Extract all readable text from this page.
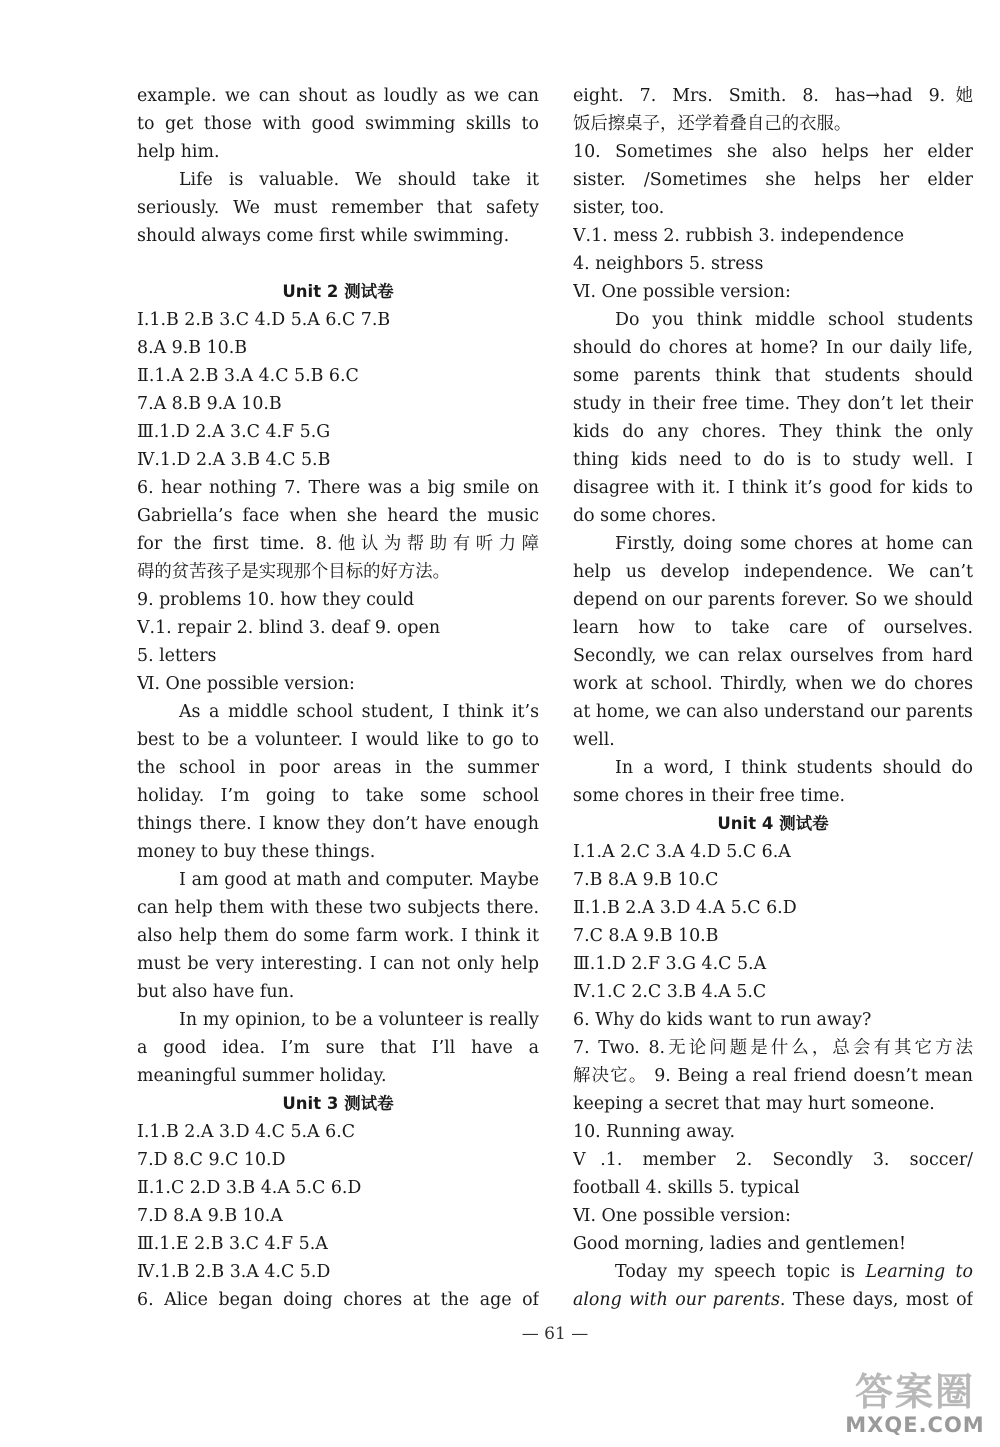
example. we can shout as loudly as we can
to get those with good swimming skills to
help him.
Life is valuable. We should take it
seriously. We must remember that safety
should always come first while swimming.
Unit 2 测试卷
Ⅰ.1.B 2.B 3.C 4.D 5.A 6.C 7.B
8.A 9.B 10.B
Ⅱ.1.A 2.B 3.A 4.C 5.B 6.C
7.A 8.B 9.A 10.B
Ⅲ.1.D 2.A 3.C 4.F 5.G
Ⅳ.1.D 2.A 3.B 4.C 5.B
6. hear nothing 7. There was a big smile on
Gabriella’s face when she heard the music
for the first time. 8.他认为帮助有听力障
碍的贫苦孩子是实现那个目标的好方法。
9. problems 10. how they could
Ⅴ.1. repair 2. blind 3. deaf 9. open
5. letters
Ⅵ. One possible version:
As a middle school student, I think it’s
best to be a volunteer. I would like to go to
the school in poor areas in the summer
holiday. I’m going to take some school
things there. I know they don’t have enough
money to buy these things.
I am good at math and computer. Maybe
can help them with these two subjects there.
also help them do some farm work. I think it
must be very interesting. I can not only help
but also have fun.
In my opinion, to be a volunteer is really
a good idea. I’m sure that I’ll have a
meaningful summer holiday.
Unit 3 测试卷
Ⅰ.1.B 2.A 3.D 4.C 5.A 6.C
7.D 8.C 9.C 10.D
Ⅱ.1.C 2.D 3.B 4.A 5.C 6.D
7.D 8.A 9.B 10.A
Ⅲ.1.E 2.B 3.C 4.F 5.A
Ⅳ.1.B 2.B 3.A 4.C 5.D
6. Alice began doing chores at the age of
eight. 7. Mrs. Smith. 8. has→had 9.她
饭后擦桌子，还学着叠自己的衣服。
10. Sometimes she also helps her elder
sister. /Sometimes she helps her elder
sister, too.
Ⅴ.1. mess 2. rubbish 3. independence
4. neighbors 5. stress
Ⅵ. One possible version:
Do you think middle school students
should do chores at home? In our daily life,
some parents think that students should
study in their free time. They don’t let their
kids do any chores. They think the only
thing kids need to do is to study well. I
disagree with it. I think it’s good for kids to
do some chores.
Firstly, doing some chores at home can
help us develop independence. We can’t
depend on our parents forever. So we should
learn how to take care of ourselves.
Secondly, we can relax ourselves from hard
work at school. Thirdly, when we do chores
at home, we can also understand our parents
well.
In a word, I think students should do
some chores in their free time.
Unit 4 测试卷
Ⅰ.1.A 2.C 3.A 4.D 5.C 6.A
7.B 8.A 9.B 10.C
Ⅱ.1.B 2.A 3.D 4.A 5.C 6.D
7.C 8.A 9.B 10.B
Ⅲ.1.D 2.F 3.G 4.C 5.A
Ⅳ.1.C 2.C 3.B 4.A 5.C
6. Why do kids want to run away?
7. Two. 8.无论问题是什么，总会有其它方法
解决它。 9. Being a real friend doesn’t mean
keeping a secret that may hurt someone.
10. Running away.
Ⅴ.1. member 2. Secondly 3. soccer/
football 4. skills 5. typical
Ⅵ. One possible version:
Good morning, ladies and gentlemen!
Today my speech topic is Learning to
along with our parents. These days, most of
— 61 —
答案圈
MXQE.COM
